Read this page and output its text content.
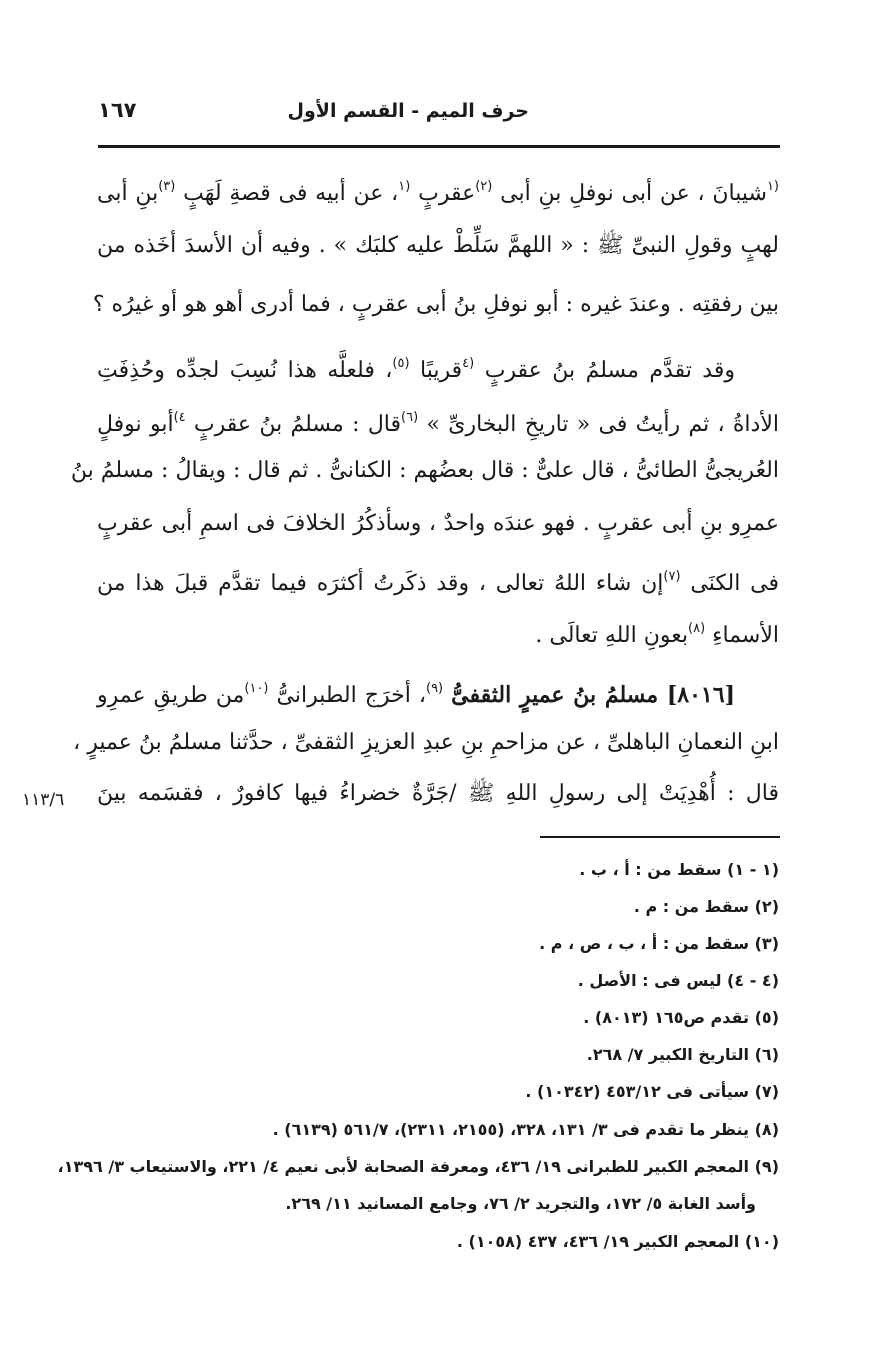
حرف الميم - القسم الأول
١٦٧
$^{(١}$شيبانَ ، عن أبى نوفلِ بنِ أبى $^{(٢)}$عقربٍ $^{(١}$، عن أبيه فى قصةِ لَهَبٍ $^{(٣)}$بنِ أبى
لهبٍ وقولِ النبىِّ ﷺ : « اللهمَّ سَلِّطْ عليه كلبَك » . وفيه أن الأسدَ أخَذه من
بين رفقتِه . وعندَ غيره : أبو نوفلِ بنُ أبى عقربٍ ، فما أدرى أهو هو أو غيرُه ؟
وقد تقدَّم مسلمُ بنُ عقربٍ $^{(٤}$قريبًا $^{(٥)}$، فلعلَّه هذا نُسِبَ لجدِّه وحُذِفَتِ
الأداةُ ، ثم رأيتُ فى « تاريخِ البخارىِّ » $^{(٦)}$قال : مسلمُ بنُ عقربٍ $^{٤)}$أبو نوفلٍ
العُريجىُّ الطائىُّ ، قال علىٌّ : قال بعضُهم : الكنانىُّ . ثم قال : ويقالُ : مسلمُ بنُ
عمرِو بنِ أبى عقربٍ . فهو عندَه واحدٌ ، وسأذكُرُ الخلافَ فى اسمِ أبى عقربٍ
فى الكنَى $^{(٧)}$إن شاء اللهُ تعالى ، وقد ذكَرتُ أكثرَه فيما تقدَّم قبلَ هذا من
الأسماءِ $^{(٨)}$بعونِ اللهِ تعالَى .
[٨٠١٦] مسلمُ بنُ عميرٍ الثقفىُّ $^{(٩)}$، أخرَج الطبرانىُّ $^{(١٠)}$من طريقِ عمرِو
ابنِ النعمانِ الباهلىِّ ، عن مزاحمِ بنِ عبدِ العزيزِ الثقفىِّ ، حدَّثنا مسلمُ بنُ عميرٍ ،
قال : أُهْدِيَتْ إلى رسولِ اللهِ ﷺ /جَرَّةٌ خضراءُ فيها كافورٌ ، فقسَمه بينَ
١١٣/٦
(١ - ١) سقط من : أ ، ب .
(٢) سقط من : م .
(٣) سقط من : أ ، ب ، ص ، م .
(٤ - ٤) ليس فى : الأصل .
(٥) تقدم ص١٦٥ (٨٠١٣) .
(٦) التاريخ الكبير ٧/ ٢٦٨.
(٧) سيأتى فى ٤٥٣/١٢ (١٠٣٤٢) .
(٨) ينظر ما تقدم فى ٣/ ١٣١، ٣٢٨، (٢١٥٥، ٢٣١١)، ٥٦١/٧ (٦١٣٩) .
(٩) المعجم الكبير للطبرانى ١٩/ ٤٣٦، ومعرفة الصحابة لأبى نعيم ٤/ ٢٢١، والاستيعاب ٣/ ١٣٩٦،
وأسد الغابة ٥/ ١٧٢، والتجريد ٢/ ٧٦، وجامع المسانيد ١١/ ٢٦٩.
(١٠) المعجم الكبير ١٩/ ٤٣٦، ٤٣٧ (١٠٥٨) .
